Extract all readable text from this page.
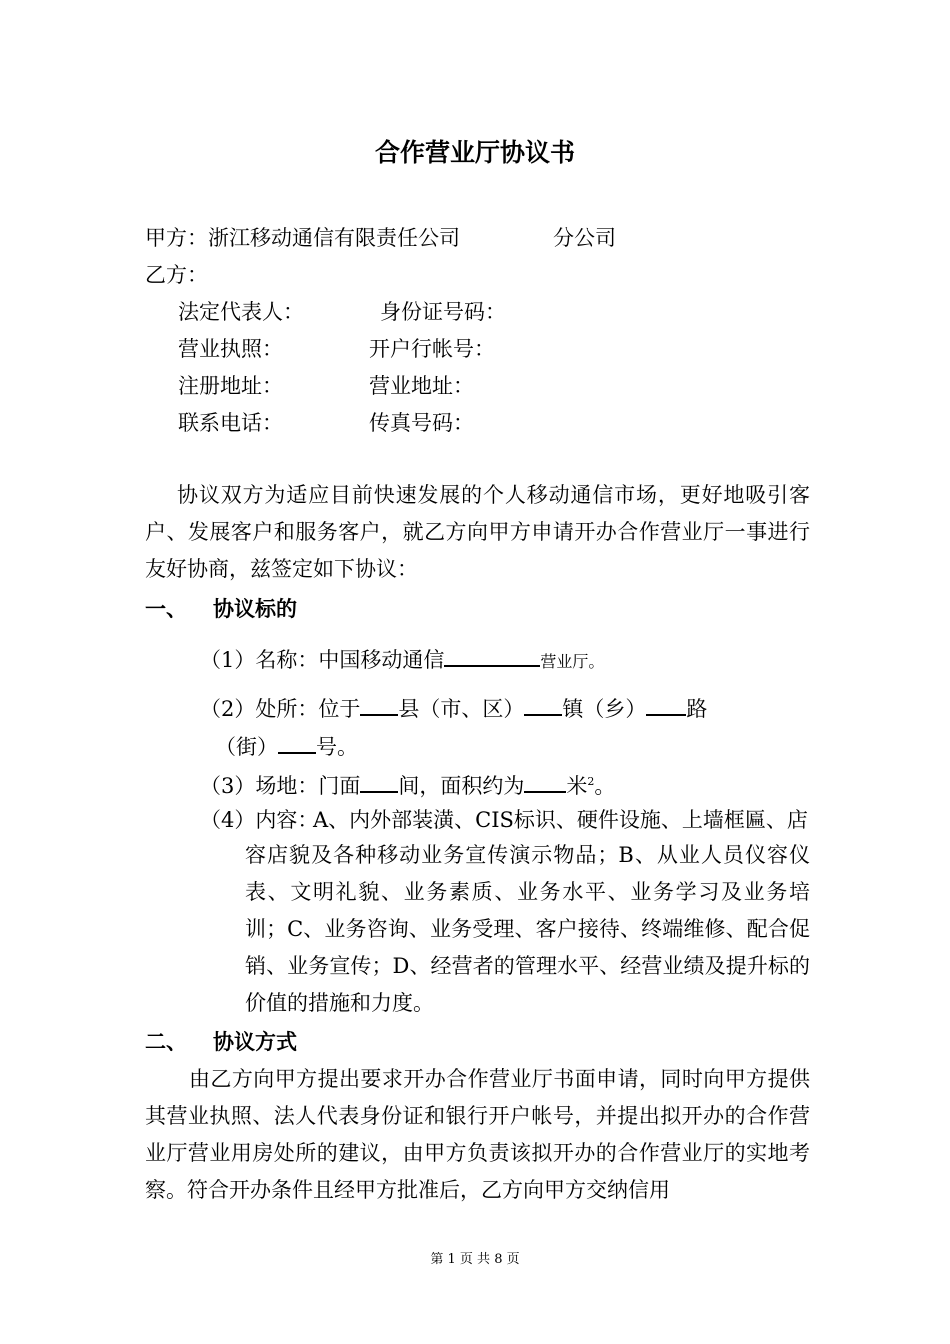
合作营业厅协议书
甲方：浙江移动通信有限责任公司	分公司
乙方：
法定代表人：	身份证号码：
营业执照：	开户行帐号：
注册地址：	营业地址：
联系电话：	传真号码：
协议双方为适应目前快速发展的个人移动通信市场，更好地吸引客户、发展客户和服务客户，就乙方向甲方申请开办合作营业厅一事进行友好协商，兹签定如下协议：
一、 协议标的
（1）名称：中国移动通信	营业厅。
（2）处所：位于 县（市、区） 镇（乡） 路
（街） 号。
（3）场地：门面 间，面积约为 米$^2$。
（4）内容：
A、内外部装潢、CIS标识、硬件设施、上墙框匾、店
容店貌及各种移动业务宣传演示物品；B、从业人员仪容仪表、文明礼貌、业务素质、业务水平、业务学习及业务培训；C、业务咨询、业务受理、客户接待、终端维修、配合促销、业务宣传；D、经营者的管理水平、经营业绩及提升标的价值的措施和力度。
二、 协议方式
由乙方向甲方提出要求开办合作营业厅书面申请，同时向甲方提供其营业执照、法人代表身份证和银行开户帐号，并提出拟开办的合作营业厅营业用房处所的建议，由甲方负责该拟开办的合作营业厅的实地考察。符合开办条件且经甲方批准后，乙方向甲方交纳信用
第 1 页 共 8 页
